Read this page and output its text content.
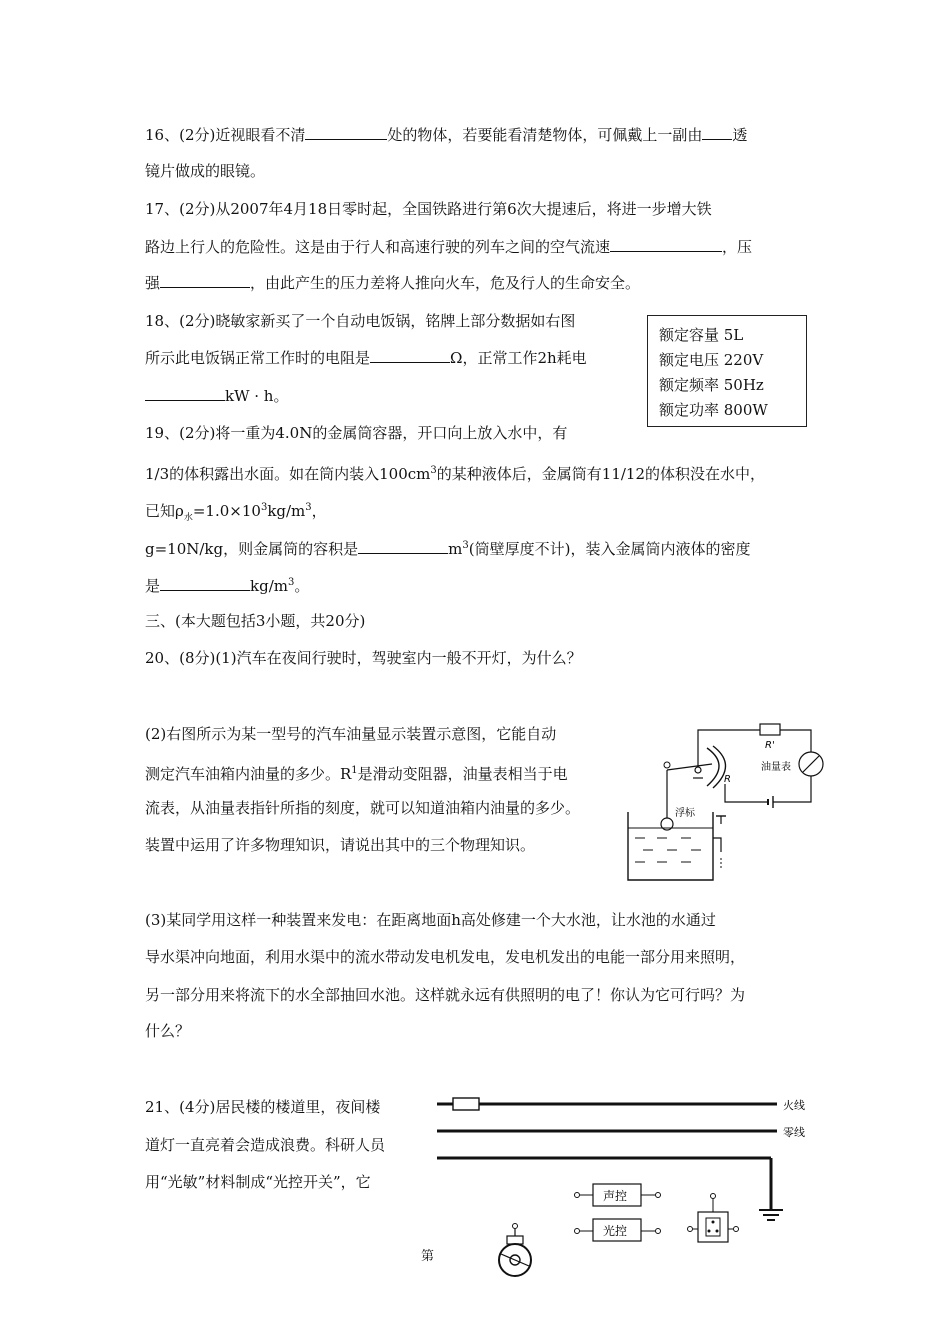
16、(2分)近视眼看不清	处的物体，若要能看清楚物体，可佩戴上一副由 透
镜片做成的眼镜。
17、(2分)从2007年4月18日零时起，全国铁路进行第6次大提速后，将进一步增大铁
路边上行人的危险性。这是由于行人和高速行驶的列车之间的空气流速	，压
强	，由此产生的压力差将人推向火车，危及行人的生命安全。
18、(2分)晓敏家新买了一个自动电饭锅，铭牌上部分数据如右图
所示此电饭锅正常工作时的电阻是	Ω，正常工作2h耗电
kW · h。
额定容量 5L
额定电压 220V
额定频率 50Hz
额定功率 800W
19、(2分)将一重为4.0N的金属筒容器，开口向上放入水中，有
1/3的体积露出水面。如在筒内装入$100cm^3$的某种液体后，金属筒有11/12的体积没在水中，
已知$\rho_水=1.0\times 10^3kg/m^3$，
g=10N/kg，则金属筒的容积是	$m^3$(筒壁厚度不计)，装入金属筒内液体的密度
是	$kg/m^3$。
三、(本大题包括3小题，共20分)
20、(8分)(1)汽车在夜间行驶时，驾驶室内一般不开灯，为什么？
(2)右图所示为某一型号的汽车油量显示装置示意图，它能自动
测定汽车油箱内油量的多少。$R^1$是滑动变阻器，油量表相当于电
流表，从油量表指针所指的刻度，就可以知道油箱内油量的多少。
装置中运用了许多物理知识，请说出其中的三个物理知识。
R'
油量表
R
浮标
(3)某同学用这样一种装置来发电：在距离地面h高处修建一个大水池，让水池的水通过
导水渠冲向地面，利用水渠中的流水带动发电机发电，发电机发出的电能一部分用来照明，
另一部分用来将流下的水全部抽回水池。这样就永远有供照明的电了！你认为它可行吗？为
什么？
21、(4分)居民楼的楼道里，夜间楼
道灯一直亮着会造成浪费。科研人员
用“光敏”材料制成“光控开关”，它
火线
零线
声控
光控
第
